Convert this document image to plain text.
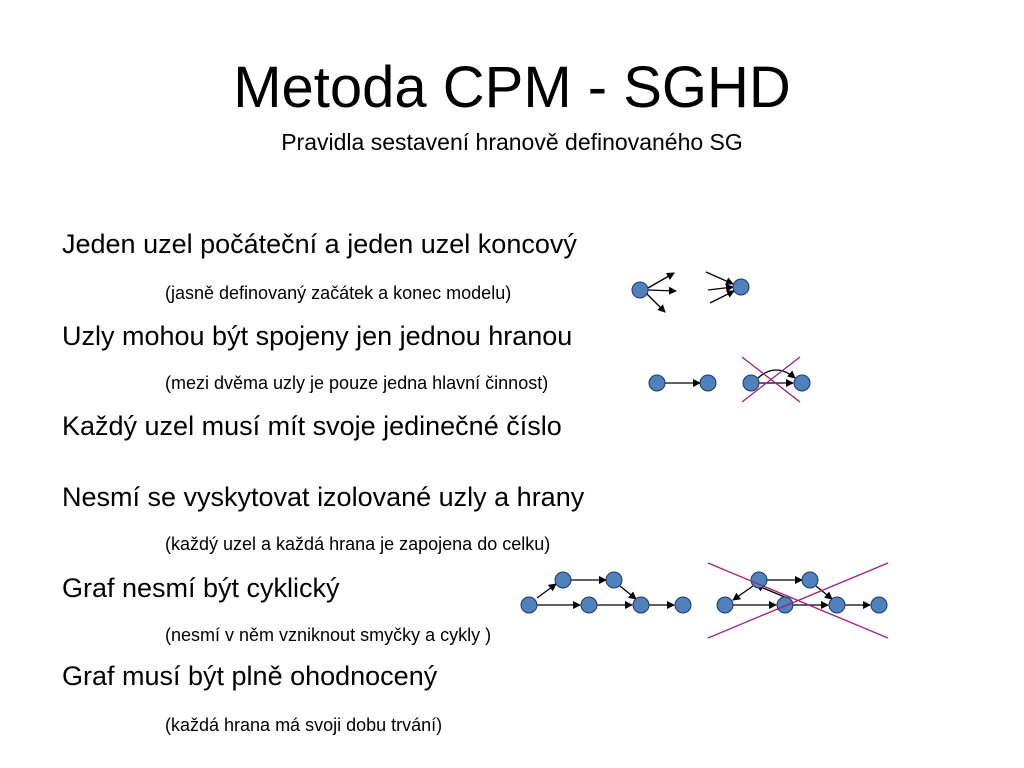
Metoda CPM - SGHD
Pravidla sestavení hranově definovaného SG
Jeden uzel počáteční a jeden uzel koncový
(jasně definovaný začátek a konec modelu)
Uzly mohou být spojeny jen jednou hranou
(mezi dvěma uzly je pouze jedna hlavní činnost)
Každý uzel musí mít svoje jedinečné číslo
Nesmí se vyskytovat izolované uzly a hrany
(každý uzel a každá hrana je zapojena do celku)
Graf nesmí být cyklický
(nesmí v něm vzniknout smyčky a cykly )
Graf musí být plně ohodnocený
(každá hrana má svoji dobu trvání)
